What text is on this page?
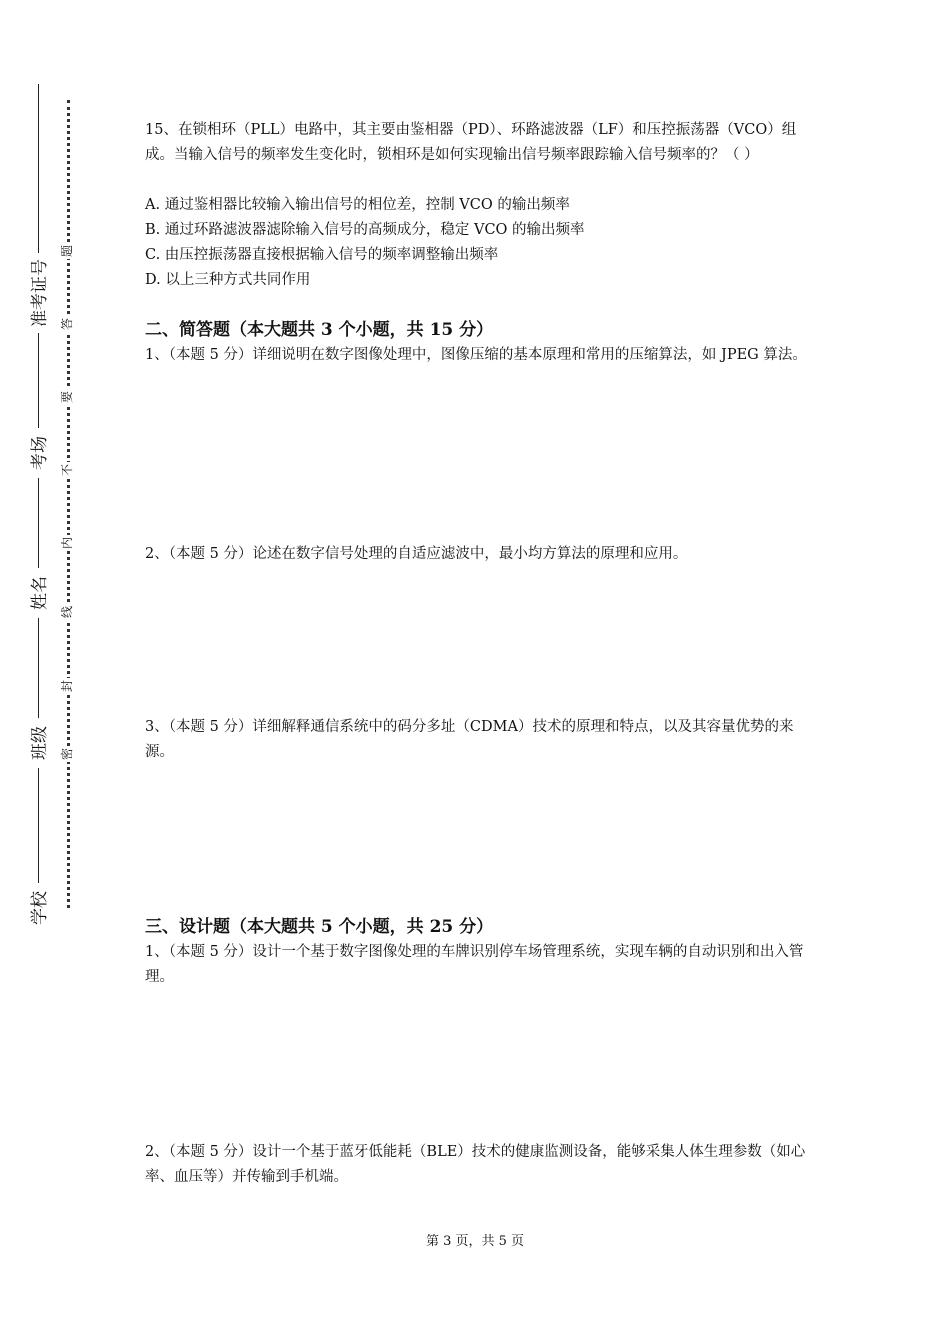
准考证号
考场
姓名
班级
学校
题
答
要
不
内
线
封
密
15、在锁相环（PLL）电路中，其主要由鉴相器（PD）、环路滤波器（LF）和压控振荡器（VCO）组成。当输入信号的频率发生变化时，锁相环是如何实现输出信号频率跟踪输入信号频率的？（ ）
A. 通过鉴相器比较输入输出信号的相位差，控制 VCO 的输出频率
B. 通过环路滤波器滤除输入信号的高频成分，稳定 VCO 的输出频率
C. 由压控振荡器直接根据输入信号的频率调整输出频率
D. 以上三种方式共同作用
二、简答题（本大题共 3 个小题，共 15 分）
1、（本题 5 分）详细说明在数字图像处理中，图像压缩的基本原理和常用的压缩算法，如 JPEG 算法。
2、（本题 5 分）论述在数字信号处理的自适应滤波中，最小均方算法的原理和应用。
3、（本题 5 分）详细解释通信系统中的码分多址（CDMA）技术的原理和特点，以及其容量优势的来源。
三、设计题（本大题共 5 个小题，共 25 分）
1、（本题 5 分）设计一个基于数字图像处理的车牌识别停车场管理系统，实现车辆的自动识别和出入管理。
2、（本题 5 分）设计一个基于蓝牙低能耗（BLE）技术的健康监测设备，能够采集人体生理参数（如心率、血压等）并传输到手机端。
第 3 页，共 5 页
